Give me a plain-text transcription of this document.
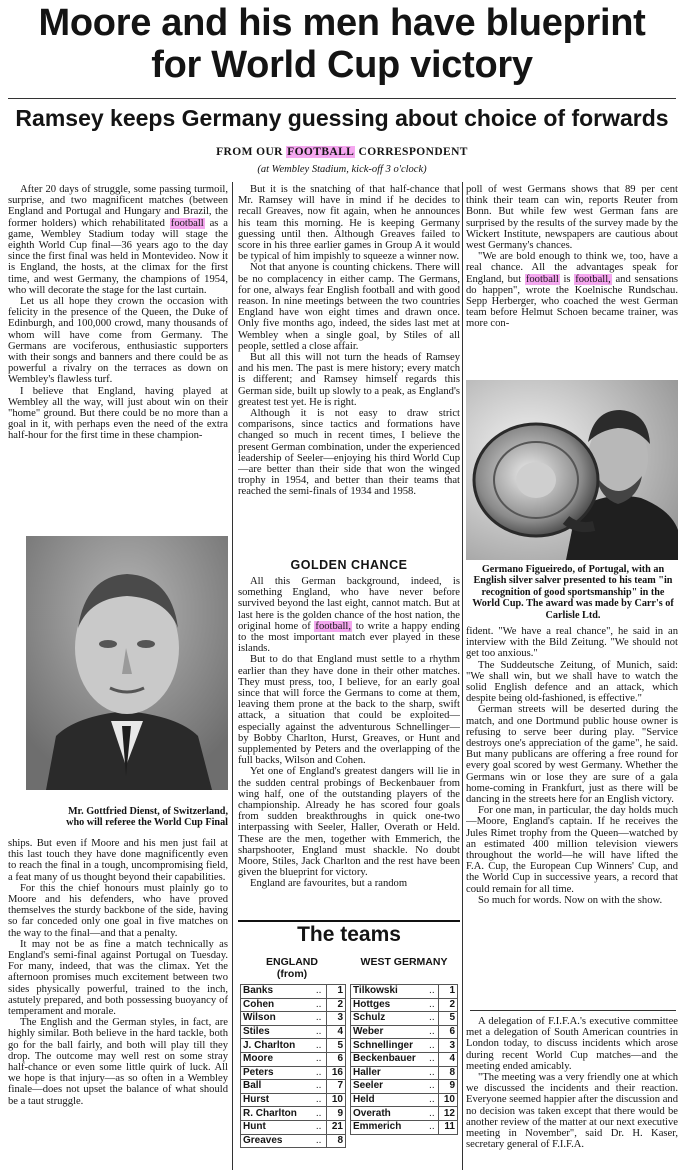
Moore and his men have blueprint
for World Cup victory
Ramsey keeps Germany guessing about choice of forwards
FROM OUR FOOTBALL CORRESPONDENT
(at Wembley Stadium, kick-off 3 o'clock)

After 20 days of struggle, some passing turmoil, surprise, and two magnificent matches (between England and Portugal and Hungary and Brazil, the former holders) which rehabilitated football as a game, Wembley Stadium today will stage the eighth World Cup final—36 years ago to the day since the first final was held in Montevideo. Now it is England, the hosts, at the climax for the first time, and west Germany, the champions of 1954, who will decorate the stage for the last curtain.

Let us all hope they crown the occasion with felicity in the presence of the Queen, the Duke of Edinburgh, and 100,000 crowd, many thousands of whom will have come from Germany. The Germans are vociferous, enthusiastic supporters with their songs and banners and there could be as powerful a rivalry on the terraces as down on Wembley's flawless turf.

I believe that England, having played at Wembley all the way, will just about win on their "home" ground. But there could be no more than a goal in it, with perhaps even the need of the extra half-hour for the first time in these champion-

Mr. Gottfried Dienst, of Switzerland, who will referee the World Cup Final

ships. But even if Moore and his men just fail at this last touch they have done magnificently even to reach the final in a tough, uncompromising field, a feat many of us thought beyond their capabilities.

For this the chief honours must plainly go to Moore and his defenders, who have proved themselves the sturdy backbone of the side, having so far conceded only one goal in five matches on the way to the final—and that a penalty.

It may not be as fine a match technically as England's semi-final against Portugal on Tuesday. For many, indeed, that was the climax. Yet the afternoon promises much excitement between two sides physically powerful, trained to the inch, astutely prepared, and both possessing buoyancy of temperament and morale.

The English and the German styles, in fact, are highly similar. Both believe in the hard tackle, both go for the ball fairly, and both will play till they drop. The outcome may well rest on some stray half-chance or even some little quirk of luck. All we hope is that injury—as so often in a Wembley finale—does not upset the balance of what should be a taut struggle.

But it is the snatching of that half-chance that Mr. Ramsey will have in mind if he decides to recall Greaves, now fit again, when he announces his team this morning. He is keeping Germany guessing until then. Although Greaves failed to score in his three earlier games in Group A it would be typical of him impishly to squeeze a winner now.

Not that anyone is counting chickens. There will be no complacency in either camp. The Germans, for one, always fear English football and with good reason. In nine meetings between the two countries England have won eight times and drawn once. Only five months ago, indeed, the sides last met at Wembley when a single goal, by Stiles of all people, settled a close affair.

But all this will not turn the heads of Ramsey and his men. The past is mere history; every match is different; and Ramsey himself regards this German side, built up slowly to a peak, as England's greatest test yet. He is right.

Although it is not easy to draw strict comparisons, since tactics and formations have changed so much in recent times, I believe the present German combination, under the experienced leadership of Seeler—enjoying his third World Cup—are better than their side that won the winged trophy in 1954, and better than their teams that reached the semi-finals of 1934 and 1958.

GOLDEN CHANCE

All this German background, indeed, is something England, who have never before survived beyond the last eight, cannot match. But at last here is the golden chance of the host nation, the original home of football, to write a happy ending to the most important match ever played in these islands.

But to do that England must settle to a rhythm earlier than they have done in their other matches. They must press, too, I believe, for an early goal since that will force the Germans to come at them, leaving them prone at the back to the sharp, swift attack, a situation that could be exploited—especially against the adventurous Schnellinger—by Bobby Charlton, Hurst, Greaves, or Hunt and supplemented by Peters and the overlapping of the full backs, Wilson and Cohen.

Yet one of England's greatest dangers will lie in the sudden central probings of Beckenbauer from wing half, one of the outstanding players of the championship. Already he has scored four goals from sudden breakthroughs in quick one-two interpassing with Seeler, Haller, Overath or Held. These are the men, together with Emmerich, the sharpshooter, England must shackle. No doubt Moore, Stiles, Jack Charlton and the rest have been given the blueprint for victory.

England are favourites, but a random

The teams
ENGLAND
(from)
WEST GERMANY
Banks	..	1
Cohen	..	2
Wilson	..	3
Stiles	..	4
J. Charlton	..	5
Moore	..	6
Peters	..	16
Ball	..	7
Hurst	..	10
R. Charlton	..	9
Hunt	..	21
Greaves	..	8
Tilkowski	..	1
Hottges	..	2
Schulz	..	5
Weber	..	6
Schnellinger	..	3
Beckenbauer	..	4
Haller	..	8
Seeler	..	9
Held	..	10
Overath	..	12
Emmerich	..	11

poll of west Germans shows that 89 per cent think their team can win, reports Reuter from Bonn. But while few west German fans are surprised by the results of the survey made by the Wickert Institute, newspapers are cautious about west Germany's chances.

"We are bold enough to think we, too, have a real chance. All the advantages speak for England, but football is football, and sensations do happen", wrote the Koelnische Rundschau. Sepp Herberger, who coached the west German team before Helmut Schoen became trainer, was more con-

Germano Figueiredo, of Portugal, with an English silver salver presented to his team "in recognition of good sportsmanship" in the World Cup. The award was made by Carr's of Carlisle Ltd.

fident. "We have a real chance", he said in an interview with the Bild Zeitung. "We should not get too anxious."

The Suddeutsche Zeitung, of Munich, said: "We shall win, but we shall have to watch the solid English defence and an attack, which despite being old-fashioned, is effective."

German streets will be deserted during the match, and one Dortmund public house owner is refusing to serve beer during play. "Service destroys one's appreciation of the game", he said. But many publicans are offering a free round for every goal scored by west Germany. Whether the Germans win or lose they are sure of a gala home-coming in Frankfurt, just as there will be dancing in the streets here for an English victory.

For one man, in particular, the day holds much—Moore, England's captain. If he receives the Jules Rimet trophy from the Queen—watched by an estimated 400 million television viewers throughout the world—he will have lifted the F.A. Cup, the European Cup Winners' Cup, and the World Cup in successive years, a record that could remain for all time.

So much for words. Now on with the show.

A delegation of F.I.F.A.'s executive committee met a delegation of South American countries in London today, to discuss incidents which arose during recent World Cup matches—and the meeting ended amicably.

"The meeting was a very friendly one at which we discussed the incidents and their reaction. Everyone seemed happier after the discussion and no decision was taken except that there would be another review of the matter at our next executive meeting in November", said Dr. H. Kaser, secretary general of F.I.F.A.
